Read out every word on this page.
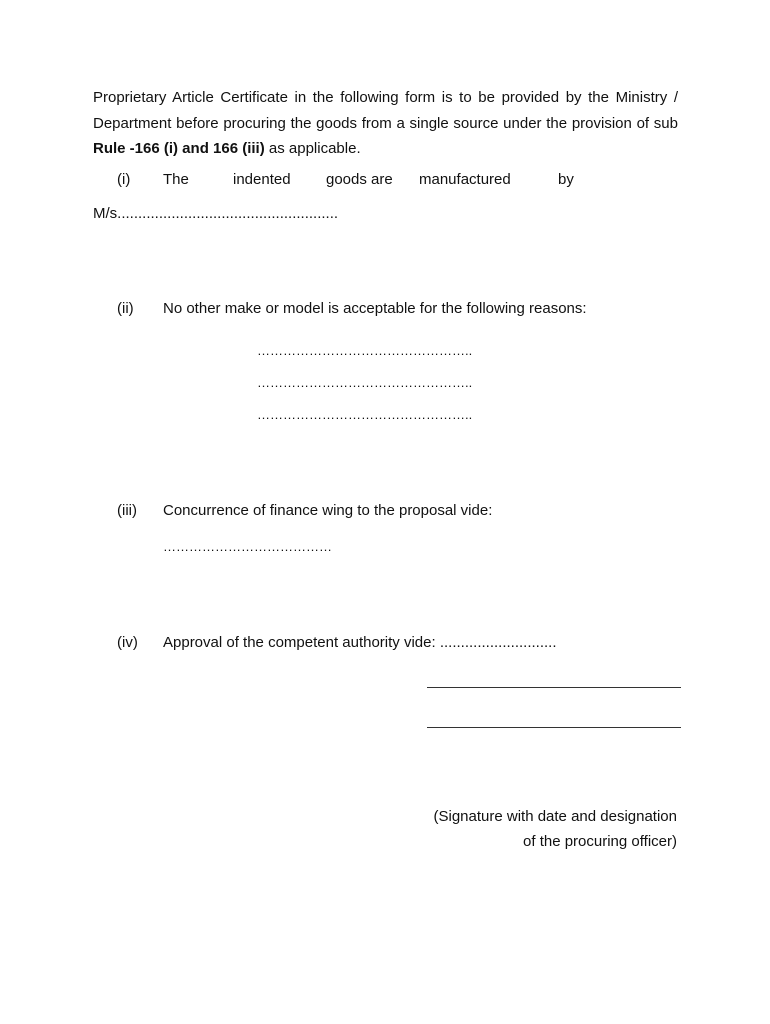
Proprietary Article Certificate in the following form is to be provided by the Ministry / Department before procuring the goods from a single source under the provision of sub Rule -166 (i) and 166 (iii) as applicable.

(i) The	indented goods are manufactured	by
M/s.....................................................
(ii) No other make or model is acceptable for the following reasons:
…………………………………………..
…………………………………………..
…………………………………………..
(iii) Concurrence of finance wing to the proposal vide:
…………………………………
(iv) Approval of the competent authority vide: ............................
(Signature with date and designation
of the procuring officer)
